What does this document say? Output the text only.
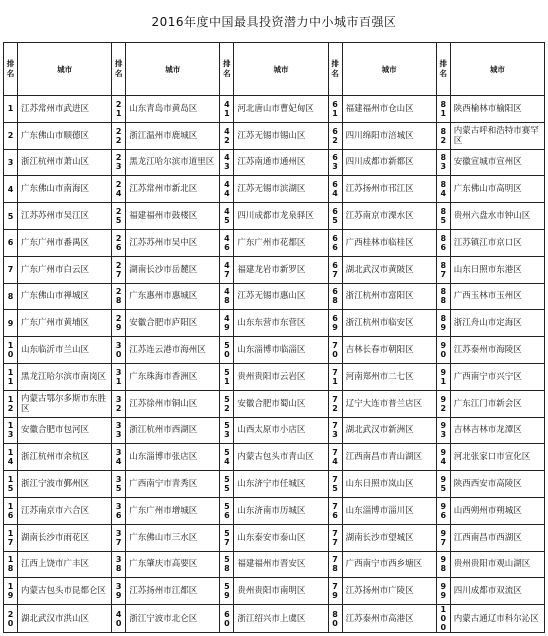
2016年度中国最具投资潜力中小城市百强区
排名	城市	排名	城市	排名	城市	排名	城市	排名	城市
1	江苏常州市武进区	21	山东青岛市黄岛区	41	河北唐山市曹妃甸区	61	福建福州市仓山区	81	陕西榆林市榆阳区
2	广东佛山市顺德区	22	浙江温州市鹿城区	42	江苏无锡市锡山区	62	四川绵阳市涪城区	82	内蒙古呼和浩特市赛罕区
3	浙江杭州市萧山区	23	黑龙江哈尔滨市道里区	43	江苏南通市通州区	63	四川成都市新都区	83	安徽宣城市宣州区
4	广东佛山市南海区	24	江苏常州市新北区	44	江苏无锡市滨湖区	64	江苏扬州市邗江区	84	广东佛山市高明区
5	江苏苏州市吴江区	25	福建福州市鼓楼区	45	四川成都市龙泉驿区	65	江苏南京市溧水区	85	贵州六盘水市钟山区
6	广东广州市番禺区	26	江苏苏州市吴中区	46	广东广州市花都区	66	广西桂林市临桂区	86	江苏镇江市京口区
7	广东广州市白云区	27	湖南长沙市岳麓区	47	福建龙岩市新罗区	67	湖北武汉市黄陂区	87	山东日照市东港区
8	广东佛山市禅城区	28	广东惠州市惠城区	48	江苏无锡市惠山区	68	浙江杭州市富阳区	88	广西玉林市玉州区
9	广东广州市黄埔区	29	安徽合肥市庐阳区	49	山东东营市东营区	69	浙江杭州市临安区	89	浙江舟山市定海区
10	山东临沂市兰山区	30	江苏连云港市海州区	50	山东淄博市临淄区	70	吉林长春市朝阳区	90	江苏泰州市海陵区
11	黑龙江哈尔滨市南岗区	31	广东珠海市香洲区	51	贵州贵阳市云岩区	71	河南郑州市二七区	91	广西南宁市兴宁区
12	内蒙古鄂尔多斯市东胜区	32	江苏徐州市铜山区	52	安徽合肥市蜀山区	72	辽宁大连市普兰店区	92	广东江门市新会区
13	安徽合肥市包河区	33	浙江杭州市西湖区	53	山西太原市小店区	73	湖北武汉市新洲区	93	吉林吉林市龙潭区
14	浙江杭州市余杭区	34	山东淄博市张店区	54	内蒙古包头市青山区	74	江西南昌市青山湖区	94	河北张家口市宣化区
15	浙江宁波市鄞州区	35	广西南宁市青秀区	55	山东济宁市任城区	75	山东日照市岚山区	95	陕西西安市高陵区
16	江苏南京市六合区	36	广东广州市增城区	56	山东济南市历城区	76	山东淄博市淄川区	96	山西朔州市朔城区
17	湖南长沙市雨花区	37	广东佛山市三水区	57	山东泰安市泰山区	77	湖南长沙市望城区	97	江西南昌市西湖区
18	江西上饶市广丰区	38	广东肇庆市高要区	58	福建福州市晋安区	78	广西南宁市西乡塘区	98	贵州贵阳市观山湖区
19	内蒙古包头市昆都仑区	39	江苏扬州市江都区	59	贵州贵阳市南明区	79	江苏扬州市广陵区	99	四川成都市双流区
20	湖北武汉市洪山区	40	浙江宁波市北仑区	60	浙江绍兴市上虞区	80	江苏泰州市高港区	100	内蒙古通辽市科尔沁区
